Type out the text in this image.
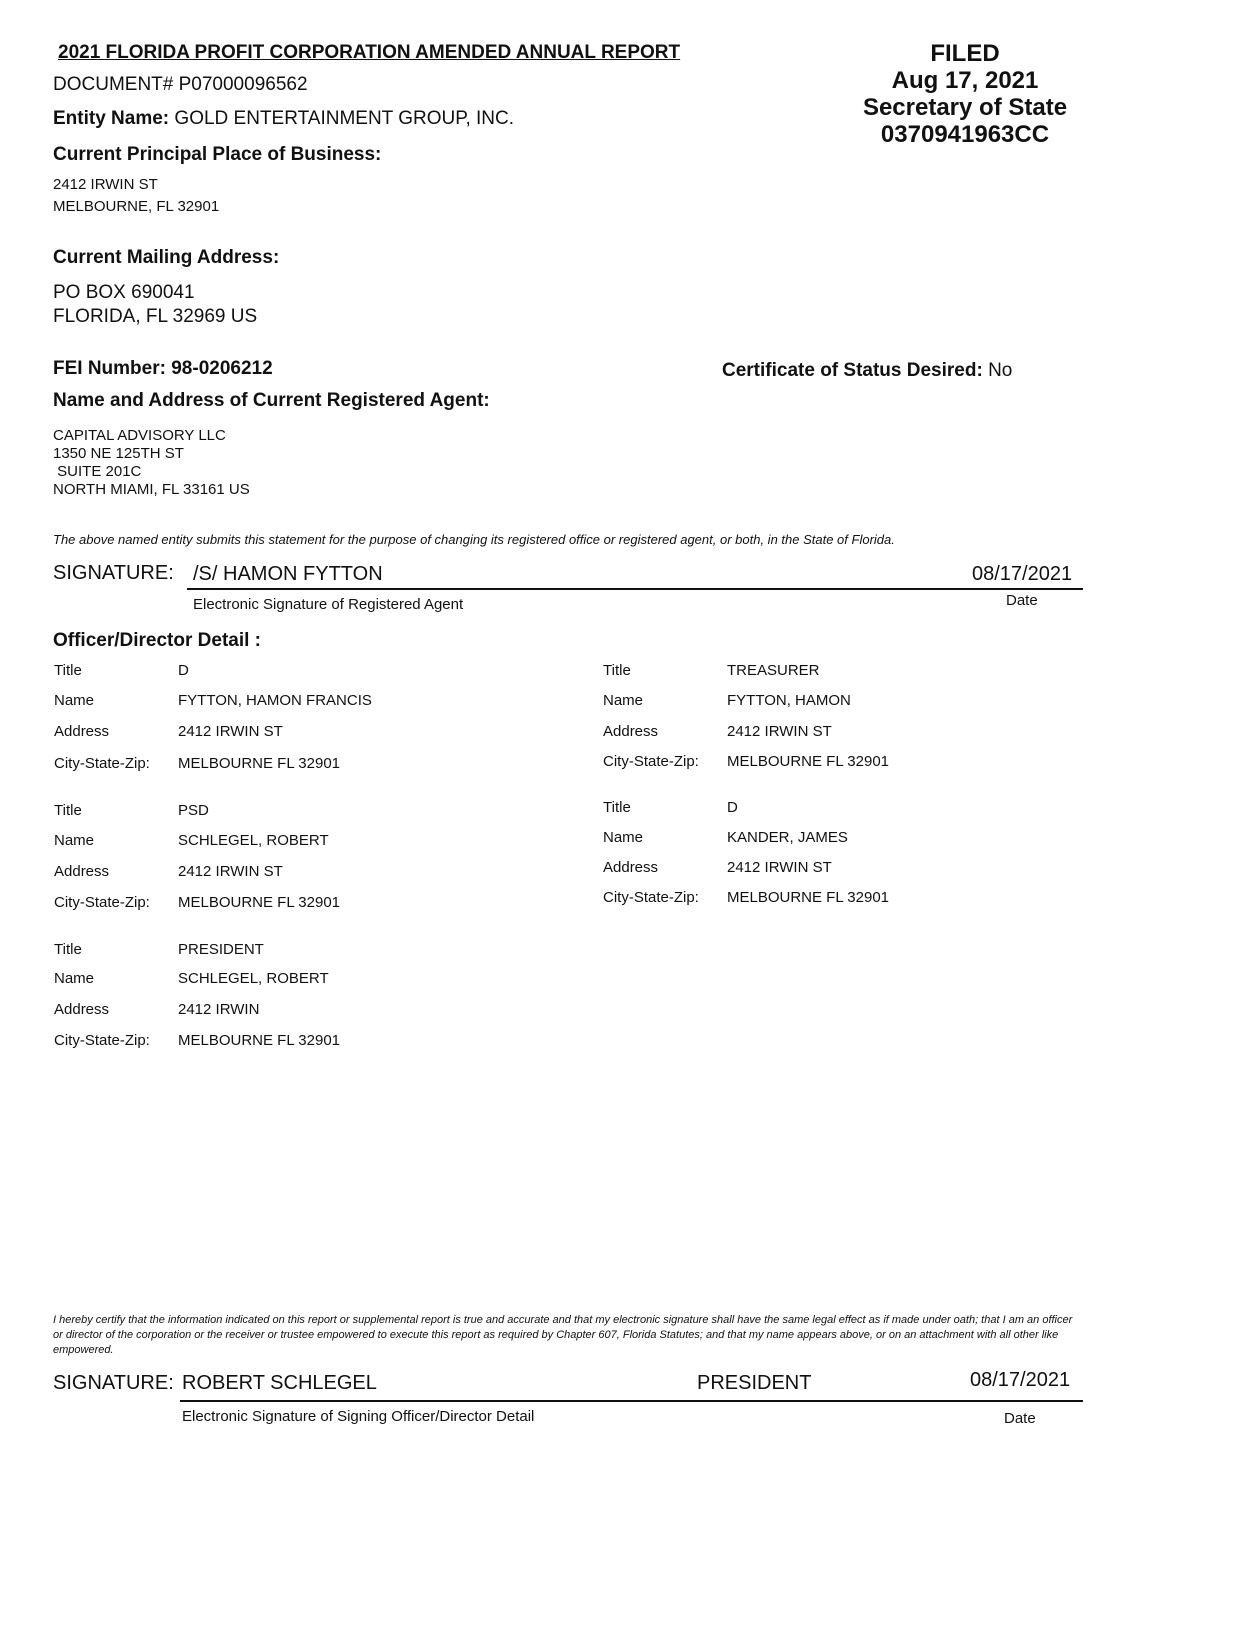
2021 FLORIDA PROFIT CORPORATION AMENDED ANNUAL REPORT
DOCUMENT# P07000096562
Entity Name: GOLD ENTERTAINMENT GROUP, INC.
FILED
Aug 17, 2021
Secretary of State
0370941963CC
Current Principal Place of Business:
2412 IRWIN ST
MELBOURNE, FL 32901
Current Mailing Address:
PO BOX 690041
FLORIDA, FL 32969 US
FEI Number: 98-0206212	Certificate of Status Desired: No
Name and Address of Current Registered Agent:
CAPITAL ADVISORY LLC
1350 NE 125TH ST
SUITE 201C
NORTH MIAMI, FL 33161 US
The above named entity submits this statement for the purpose of changing its registered office or registered agent, or both, in the State of Florida.
SIGNATURE: /S/ HAMON FYTTON	08/17/2021
Electronic Signature of Registered Agent	Date
Officer/Director Detail :
Title	D
Name	FYTTON, HAMON FRANCIS
Address	2412 IRWIN ST
City-State-Zip: MELBOURNE FL 32901
Title	TREASURER
Name	FYTTON, HAMON
Address	2412 IRWIN ST
City-State-Zip: MELBOURNE FL 32901
Title	PSD
Name	SCHLEGEL, ROBERT
Address	2412 IRWIN ST
City-State-Zip: MELBOURNE FL 32901
Title	D
Name	KANDER, JAMES
Address	2412 IRWIN ST
City-State-Zip: MELBOURNE FL 32901
Title	PRESIDENT
Name	SCHLEGEL, ROBERT
Address	2412 IRWIN
City-State-Zip: MELBOURNE FL 32901
I hereby certify that the information indicated on this report or supplemental report is true and accurate and that my electronic signature shall have the same legal effect as if made under oath; that I am an officer or director of the corporation or the receiver or trustee empowered to execute this report as required by Chapter 607, Florida Statutes; and that my name appears above, or on an attachment with all other like empowered.
SIGNATURE: ROBERT SCHLEGEL	PRESIDENT	08/17/2021
Electronic Signature of Signing Officer/Director Detail	Date
